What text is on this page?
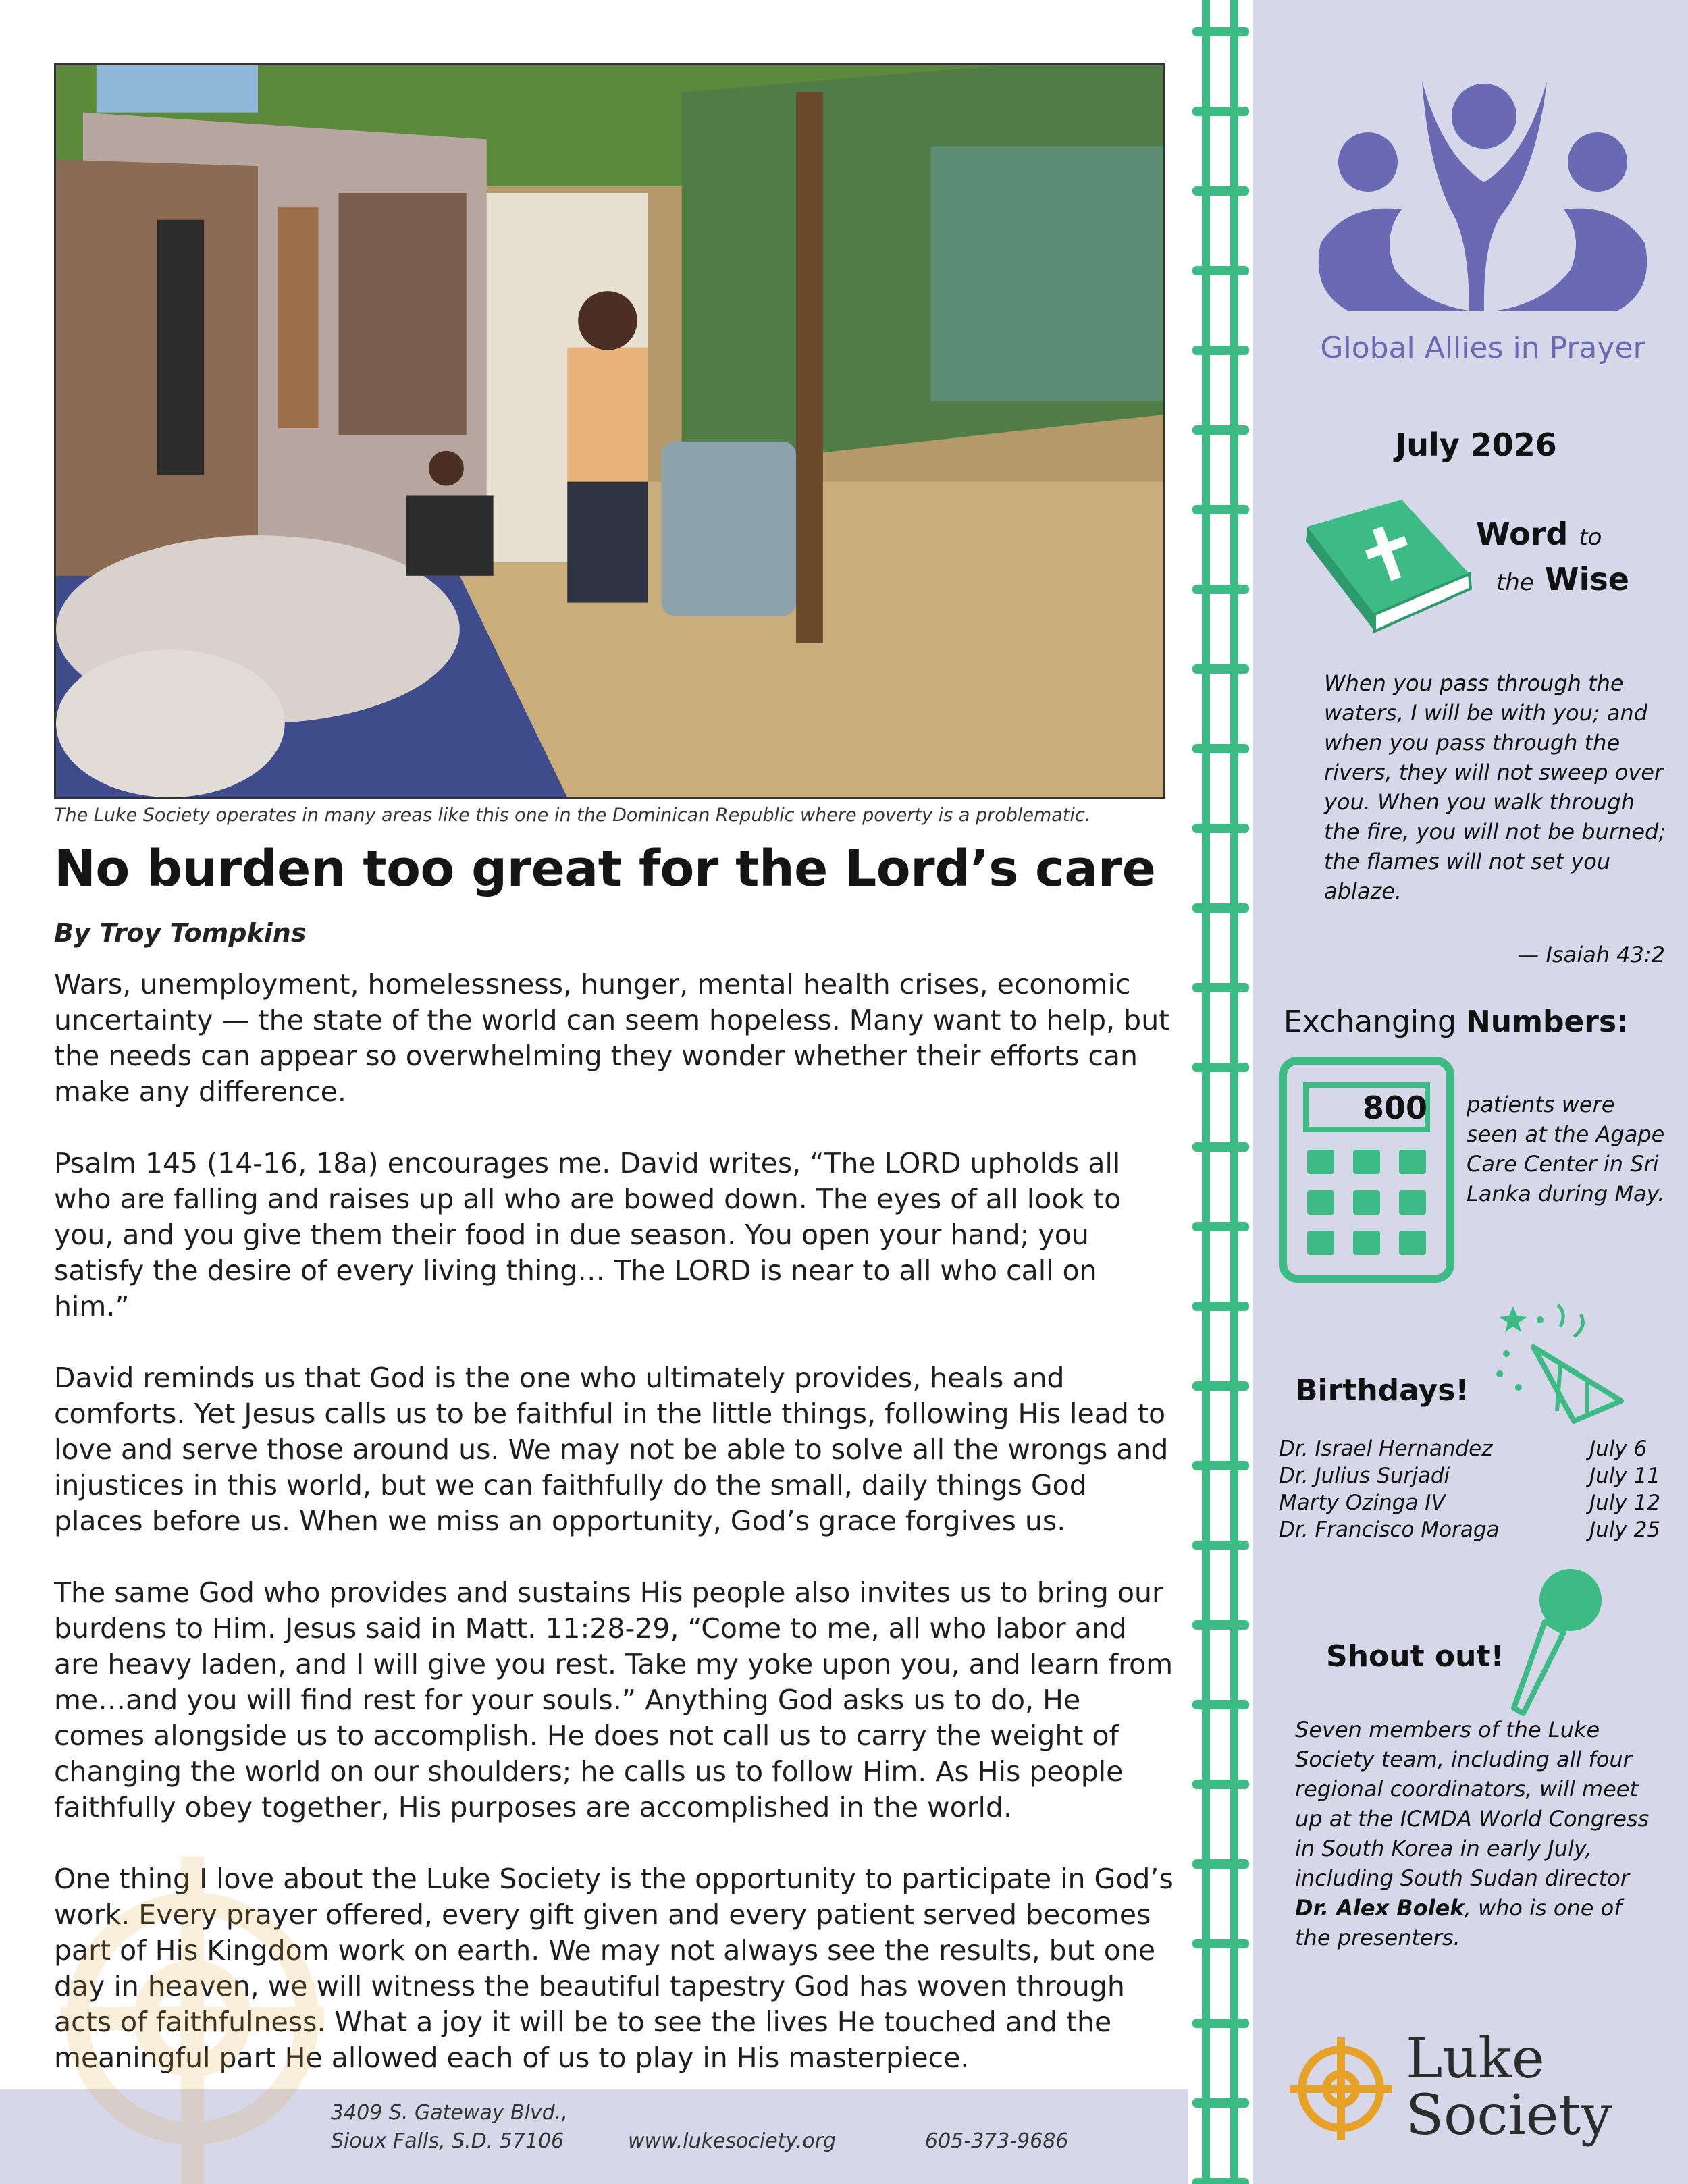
The Luke Society operates in many areas like this one in the Dominican Republic where poverty is a problematic.
No burden too great for the Lord’s care
By Troy Tompkins

Wars, unemployment, homelessness, hunger, mental health crises, economic uncertainty — the state of the world can seem hopeless. Many want to help, but the needs can appear so overwhelming they wonder whether their efforts can make any difference.

Psalm 145 (14-16, 18a) encourages me. David writes, “The LORD upholds all who are falling and raises up all who are bowed down. The eyes of all look to you, and you give them their food in due season. You open your hand; you satisfy the desire of every living thing… The LORD is near to all who call on him.”

David reminds us that God is the one who ultimately provides, heals and comforts. Yet Jesus calls us to be faithful in the little things, following His lead to love and serve those around us. We may not be able to solve all the wrongs and injustices in this world, but we can faithfully do the small, daily things God places before us. When we miss an opportunity, God’s grace forgives us.

The same God who provides and sustains His people also invites us to bring our burdens to Him. Jesus said in Matt. 11:28-29, “Come to me, all who labor and are heavy laden, and I will give you rest. Take my yoke upon you, and learn from me…and you will find rest for your souls.” Anything God asks us to do, He comes alongside us to accomplish. He does not call us to carry the weight of changing the world on our shoulders; he calls us to follow Him. As His people faithfully obey together, His purposes are accomplished in the world.

One thing I love about the Luke Society is the opportunity to participate in God’s work. Every prayer offered, every gift given and every patient served becomes part of His Kingdom work on earth. We may not always see the results, but one day in heaven, we will witness the beautiful tapestry God has woven through acts of faithfulness. What a joy it will be to see the lives He touched and the meaningful part He allowed each of us to play in His masterpiece.

3409 S. Gateway Blvd.,
Sioux Falls, S.D. 57106	www.lukesociety.org	605-373-9686
Global Allies in Prayer
July 2026
Word to
the Wise
When you pass through the waters, I will be with you; and when you pass through the rivers, they will not sweep over you. When you walk through the fire, you will not be burned; the flames will not set you ablaze.
— Isaiah 43:2
Exchanging Numbers:
800 patients were seen at the Agape Care Center in Sri Lanka during May.
Birthdays!
Dr. Israel Hernandez	July 6
Dr. Julius Surjadi	July 11
Marty Ozinga IV	July 12
Dr. Francisco Moraga	July 25
Shout out!
Seven members of the Luke Society team, including all four regional coordinators, will meet up at the ICMDA World Congress in South Korea in early July, including South Sudan director Dr. Alex Bolek, who is one of the presenters.
Luke
Society
